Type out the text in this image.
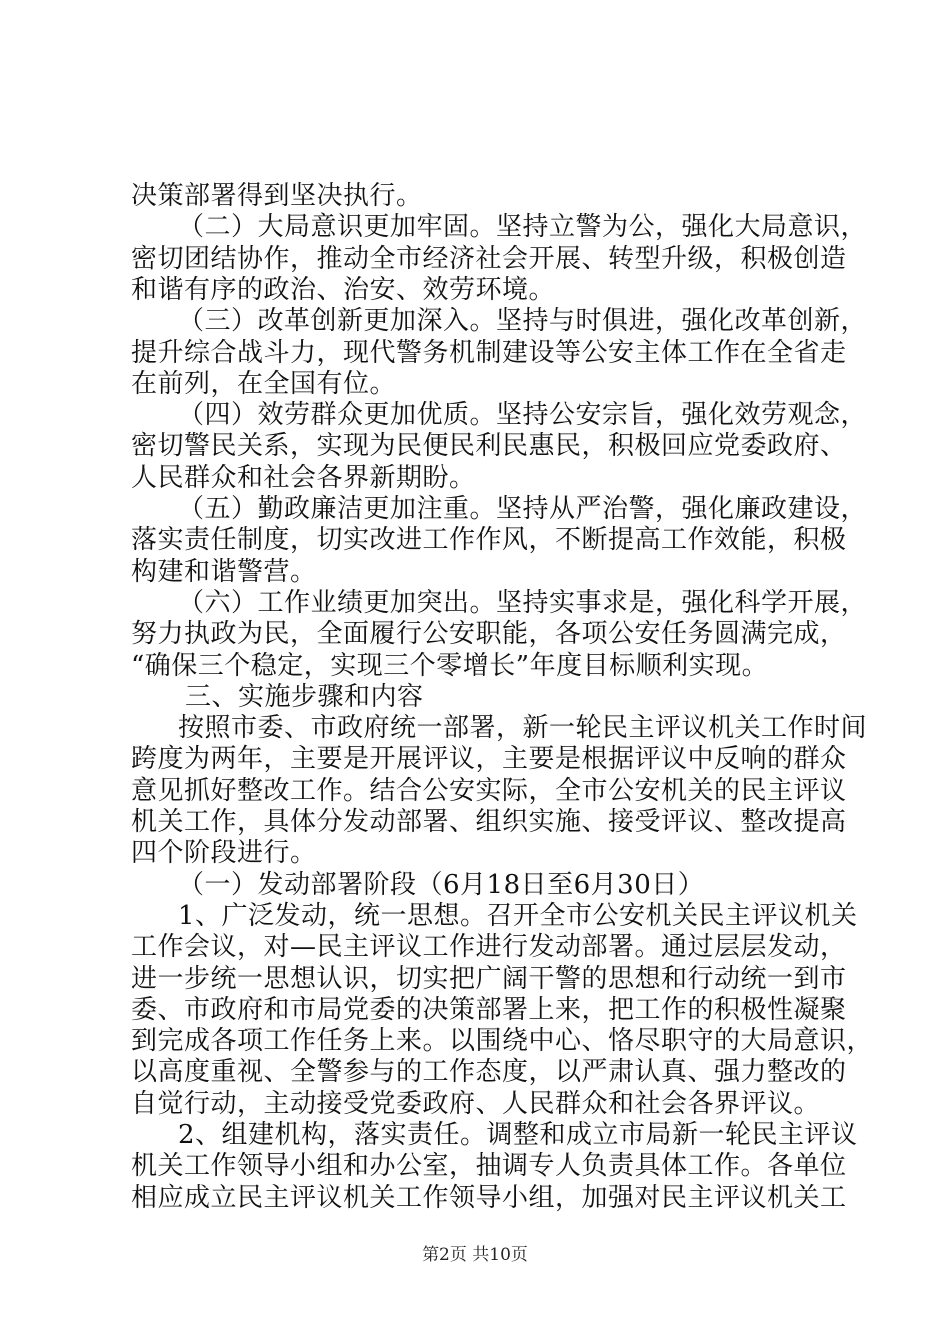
决策部署得到坚决执行。
（二）大局意识更加牢固。坚持立警为公，强化大局意识，
密切团结协作，推动全市经济社会开展、转型升级，积极创造
和谐有序的政治、治安、效劳环境。
（三）改革创新更加深入。坚持与时俱进，强化改革创新，
提升综合战斗力，现代警务机制建设等公安主体工作在全省走
在前列，在全国有位。
（四）效劳群众更加优质。坚持公安宗旨，强化效劳观念，
密切警民关系，实现为民便民利民惠民，积极回应党委政府、
人民群众和社会各界新期盼。
（五）勤政廉洁更加注重。坚持从严治警，强化廉政建设，
落实责任制度，切实改进工作作风，不断提高工作效能，积极
构建和谐警营。
（六）工作业绩更加突出。坚持实事求是，强化科学开展，
努力执政为民，全面履行公安职能，各项公安任务圆满完成，
“确保三个稳定，实现三个零增长”年度目标顺利实现。
三、实施步骤和内容
按照市委、市政府统一部署，新一轮民主评议机关工作时间
跨度为两年，主要是开展评议，主要是根据评议中反响的群众
意见抓好整改工作。结合公安实际，全市公安机关的民主评议
机关工作，具体分发动部署、组织实施、接受评议、整改提高
四个阶段进行。
（一）发动部署阶段（6月18日至6月30日）
1、广泛发动，统一思想。召开全市公安机关民主评议机关
工作会议，对—民主评议工作进行发动部署。通过层层发动，
进一步统一思想认识，切实把广阔干警的思想和行动统一到市
委、市政府和市局党委的决策部署上来，把工作的积极性凝聚
到完成各项工作任务上来。以围绕中心、恪尽职守的大局意识，
以高度重视、全警参与的工作态度，以严肃认真、强力整改的
自觉行动，主动接受党委政府、人民群众和社会各界评议。
2、组建机构，落实责任。调整和成立市局新一轮民主评议
机关工作领导小组和办公室，抽调专人负责具体工作。各单位
相应成立民主评议机关工作领导小组，加强对民主评议机关工
第2页 共10页
